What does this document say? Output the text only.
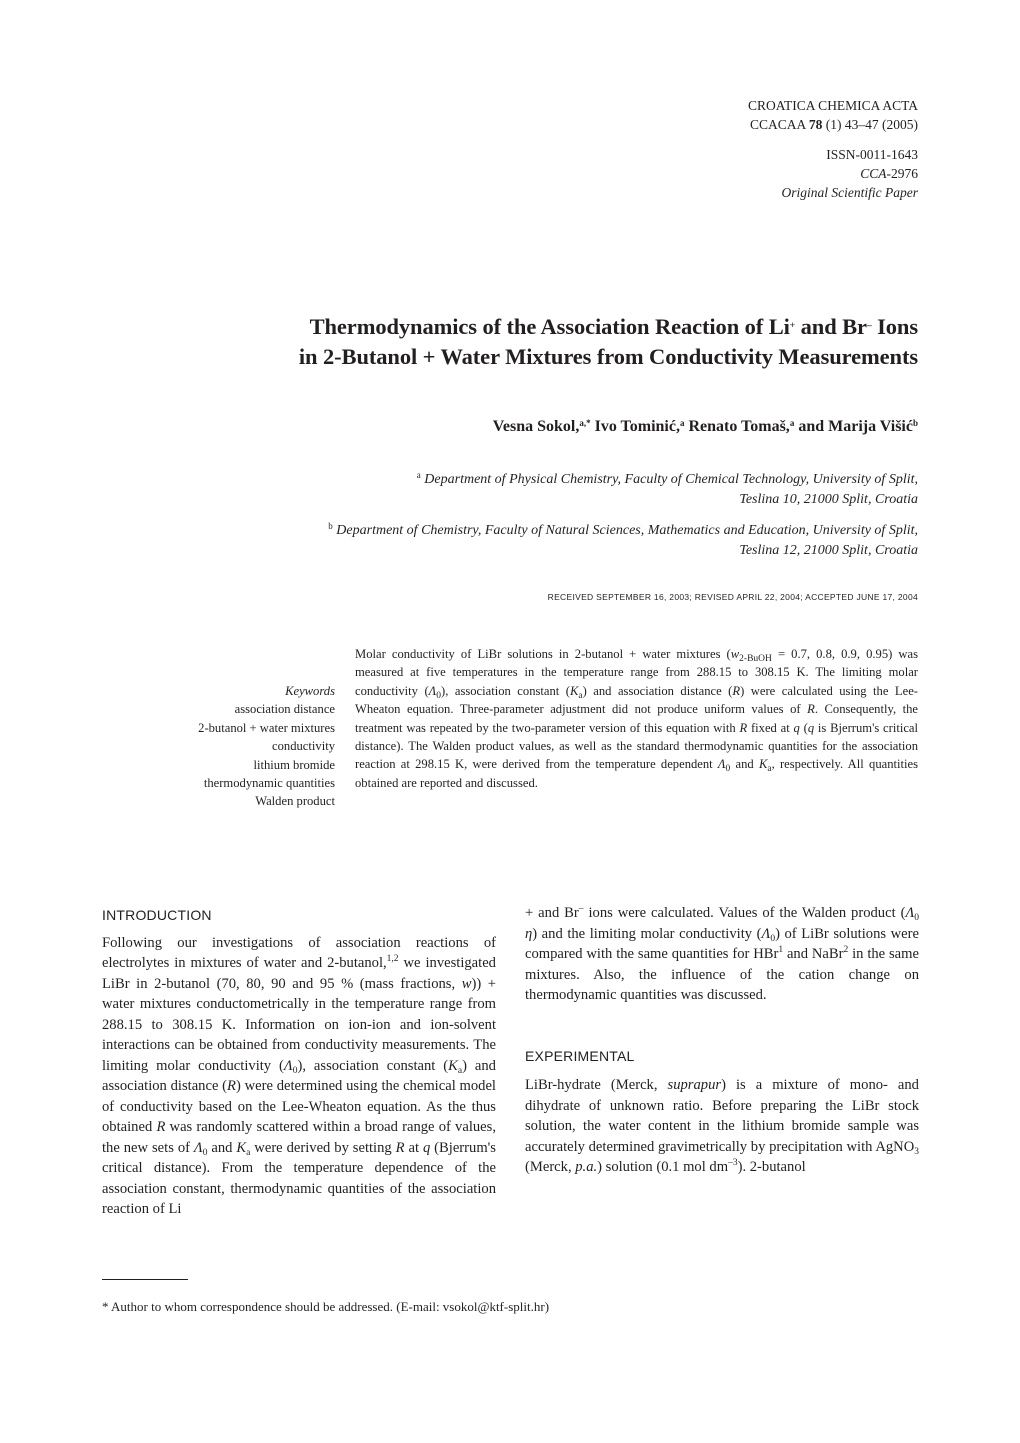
CROATICA CHEMICA ACTA
CCACAA 78 (1) 43–47 (2005)
ISSN-0011-1643
CCA-2976
Original Scientific Paper
Thermodynamics of the Association Reaction of Li+ and Br– Ions
in 2-Butanol + Water Mixtures from Conductivity Measurements
Vesna Sokol,$^{a,*}$ Ivo Tominić,$^a$ Renato Tomaš,$^a$ and Marija Višić$^b$
$^a$ Department of Physical Chemistry, Faculty of Chemical Technology, University of Split,
Teslina 10, 21000 Split, Croatia
$^b$ Department of Chemistry, Faculty of Natural Sciences, Mathematics and Education, University of Split,
Teslina 12, 21000 Split, Croatia
RECEIVED SEPTEMBER 16, 2003; REVISED APRIL 22, 2004; ACCEPTED JUNE 17, 2004
Keywords
association distance
2-butanol + water mixtures
conductivity
lithium bromide
thermodynamic quantities
Walden product
Molar conductivity of LiBr solutions in 2-butanol + water mixtures ($w_{2-BuOH} = 0.7$, 0.8, 0.9, 0.95) was measured at five temperatures in the temperature range from 288.15 to 308.15 K. The limiting molar conductivity $(\Lambda_0)$, association constant $(K_a)$ and association distance (R) were calculated using the Lee-Wheaton equation. Three-parameter adjustment did not produce uniform values of R. Consequently, the treatment was repeated by the two-parameter version of this equation with R fixed at q (q is Bjerrum's critical distance). The Walden product values, as well as the standard thermodynamic quantities for the association reaction at 298.15 K, were derived from the temperature dependent $\Lambda_0$ and $K_a$, respectively. All quantities obtained are reported and discussed.
INTRODUCTION

Following our investigations of association reactions of electrolytes in mixtures of water and 2-butanol,$^{1,2}$ we investigated LiBr in 2-butanol (70, 80, 90 and 95 % (mass fractions, w)) + water mixtures conductometrically in the temperature range from 288.15 to 308.15 K. Information on ion-ion and ion-solvent interactions can be obtained from conductivity measurements. The limiting molar conductivity $(\Lambda_0)$, association constant $(K_a)$ and association distance (R) were determined using the chemical model of conductivity based on the Lee-Wheaton equation. As the thus obtained R was randomly scattered within a broad range of values, the new sets of $\Lambda_0$ and $K_a$ were derived by setting R at q (Bjerrum's critical distance). From the temperature dependence of the association constant, thermodynamic quantities of the association reaction of Li

+ and Br– ions were calculated. Values of the Walden product ($\Lambda_0$ η) and the limiting molar conductivity $(\Lambda_0)$ of LiBr solutions were compared with the same quantities for HBr$^1$ and NaBr$^2$ in the same mixtures. Also, the influence of the cation change on thermodynamic quantities was discussed.

EXPERIMENTAL

LiBr-hydrate (Merck, suprapur) is a mixture of mono- and dihydrate of unknown ratio. Before preparing the LiBr stock solution, the water content in the lithium bromide sample was accurately determined gravimetrically by precipitation with AgNO$_3$ (Merck, p.a.) solution (0.1 mol $dm^{-3}$). 2-butanol

* Author to whom correspondence should be addressed. (E-mail: vsokol@ktf-split.hr)
